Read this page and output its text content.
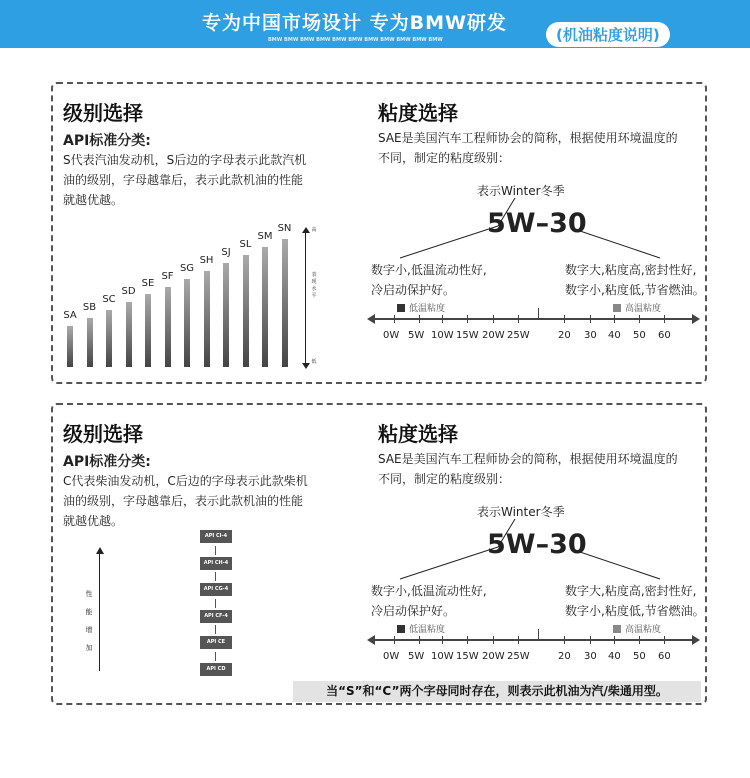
专为中国市场设计 专为BMW研发
BMW BMW BMW BMW BMW BMW BMW BMW BMW BMW BMW	(机油粘度说明)
级别选择
API标准分类:
S代表汽油发动机，S后边的字母表示此款汽机
油的级别，字母越靠后，表示此款机油的性能
就越优越。
SA
SB
SC
SD
SE
SF
SG
SH
SJ
SL
SM
SN	高
表
现
水
平
低
粘度选择
SAE是美国汽车工程师协会的简称，根据使用环境温度的
不同，制定的粘度级别：
表示Winter冬季
5W–30
数字小,低温流动性好,
冷启动保护好。
数字大,粘度高,密封性好,
数字小,粘度低,节省燃油。
低温粘度	高温粘度
0W 5W 10W 15W 20W 25W	20 30 40 50 60
级别选择
API标准分类:
C代表柴油发动机，C后边的字母表示此款柴机
油的级别，字母越靠后，表示此款机油的性能
就越优越。
性
能
增
加
API CI-4
API CH-4
API CG-4
API CF-4
API CE
API CD
粘度选择
SAE是美国汽车工程师协会的简称，根据使用环境温度的
不同，制定的粘度级别：
表示Winter冬季
5W–30
数字小,低温流动性好,
冷启动保护好。
数字大,粘度高,密封性好,
数字小,粘度低,节省燃油。
低温粘度	高温粘度
0W 5W 10W 15W 20W 25W	20 30 40 50 60
当“S”和“C”两个字母同时存在，则表示此机油为汽/柴通用型。
